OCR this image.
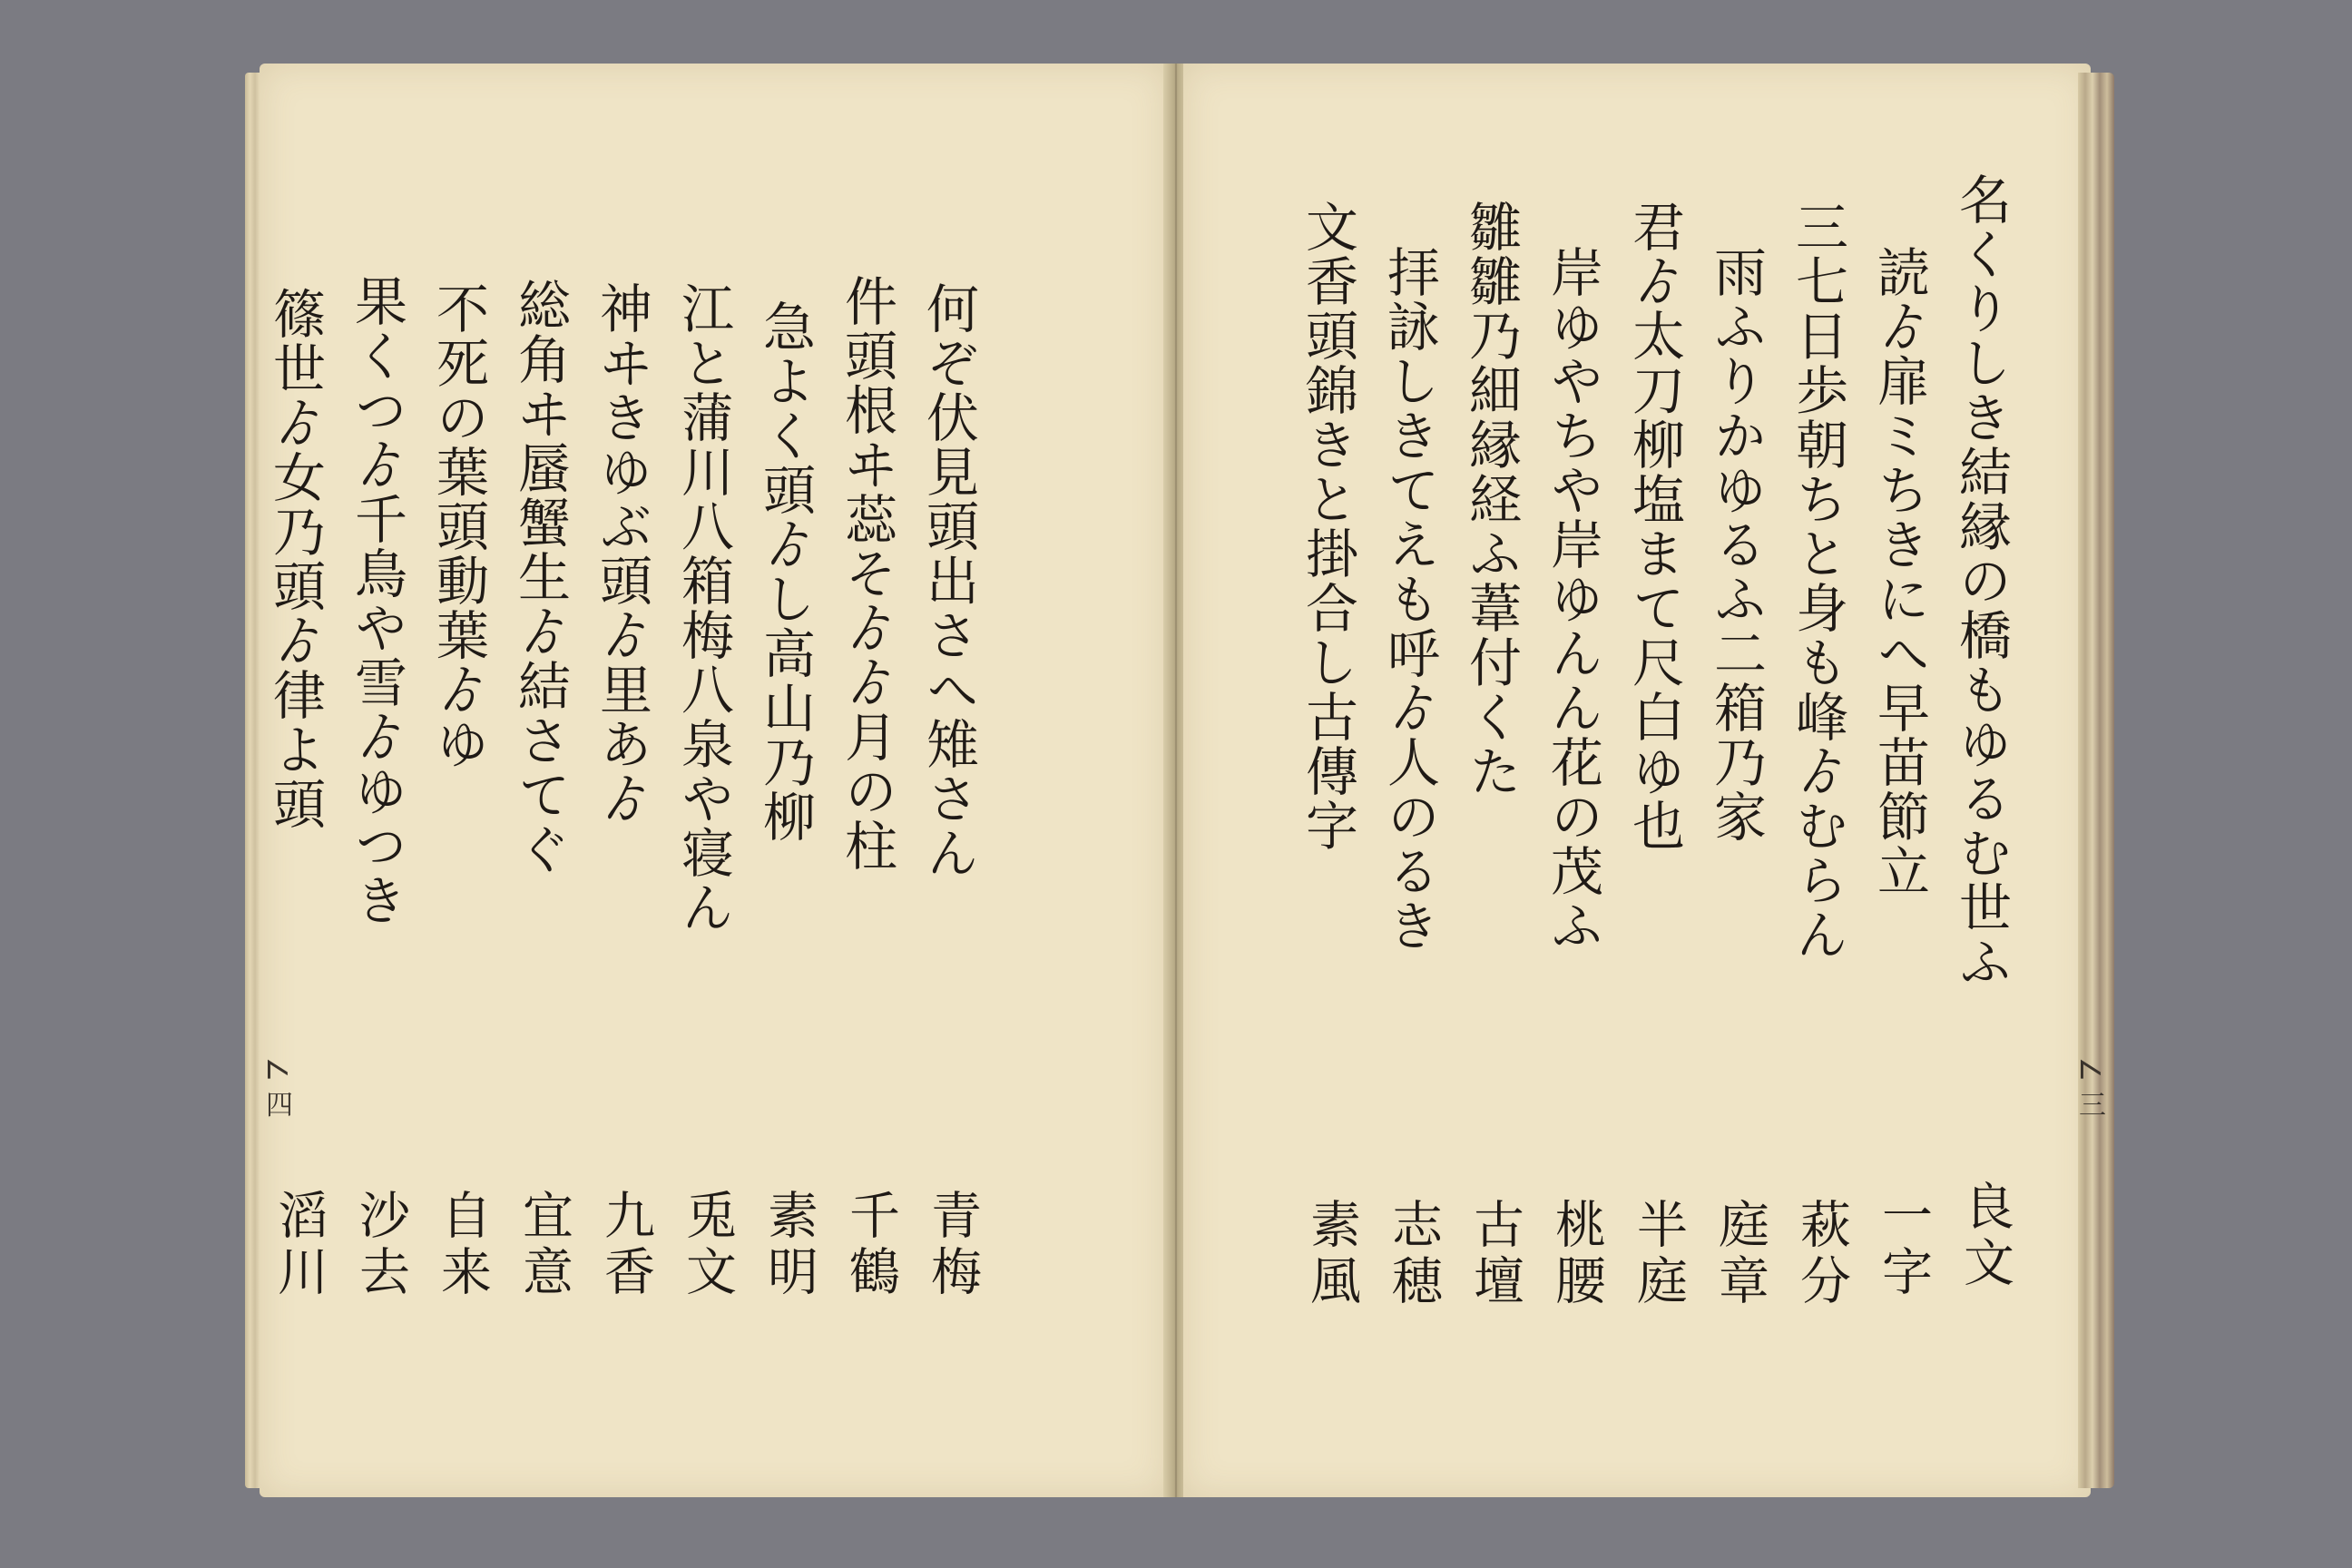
何ぞ伏見頭出さへ雉さん
件頭根ヰ蕊そゟゟ月の柱
急よく頭ゟし高山乃柳
江と蒲川八箱梅八泉や寝ん
神ヰきゆぶ頭ゟ里あゟ
総角ヰ蜃蟹生ゟ結さてぐ
不死の葉頭動葉ゟゆ
果くつゟ千鳥や雪ゟゆつき
篠世ゟ女乃頭ゟ律よ頭
青梅
千鶴
素明
兎文
九香
宜意
自来
沙去
滔川
名くりしき結縁の橋もゆるむ世ふ
読ゟ扉ミちきにへ早苗節立
三七日歩朝ちと身も峰ゟむらん
雨ふりかゆるふ二箱乃家
君ゟ太刀柳塩まて尺白ゆ也
岸ゆやちや岸ゆんん花の茂ふ
雛雛乃細縁経ふ葦付くた
拝詠しきてえも呼ゟ人のるき
文香頭錦きと掛合し古傳字
良文
一字
萩分
庭章
半庭
桃腰
古壇
志穂
素風
∠ 四	∠ 三
